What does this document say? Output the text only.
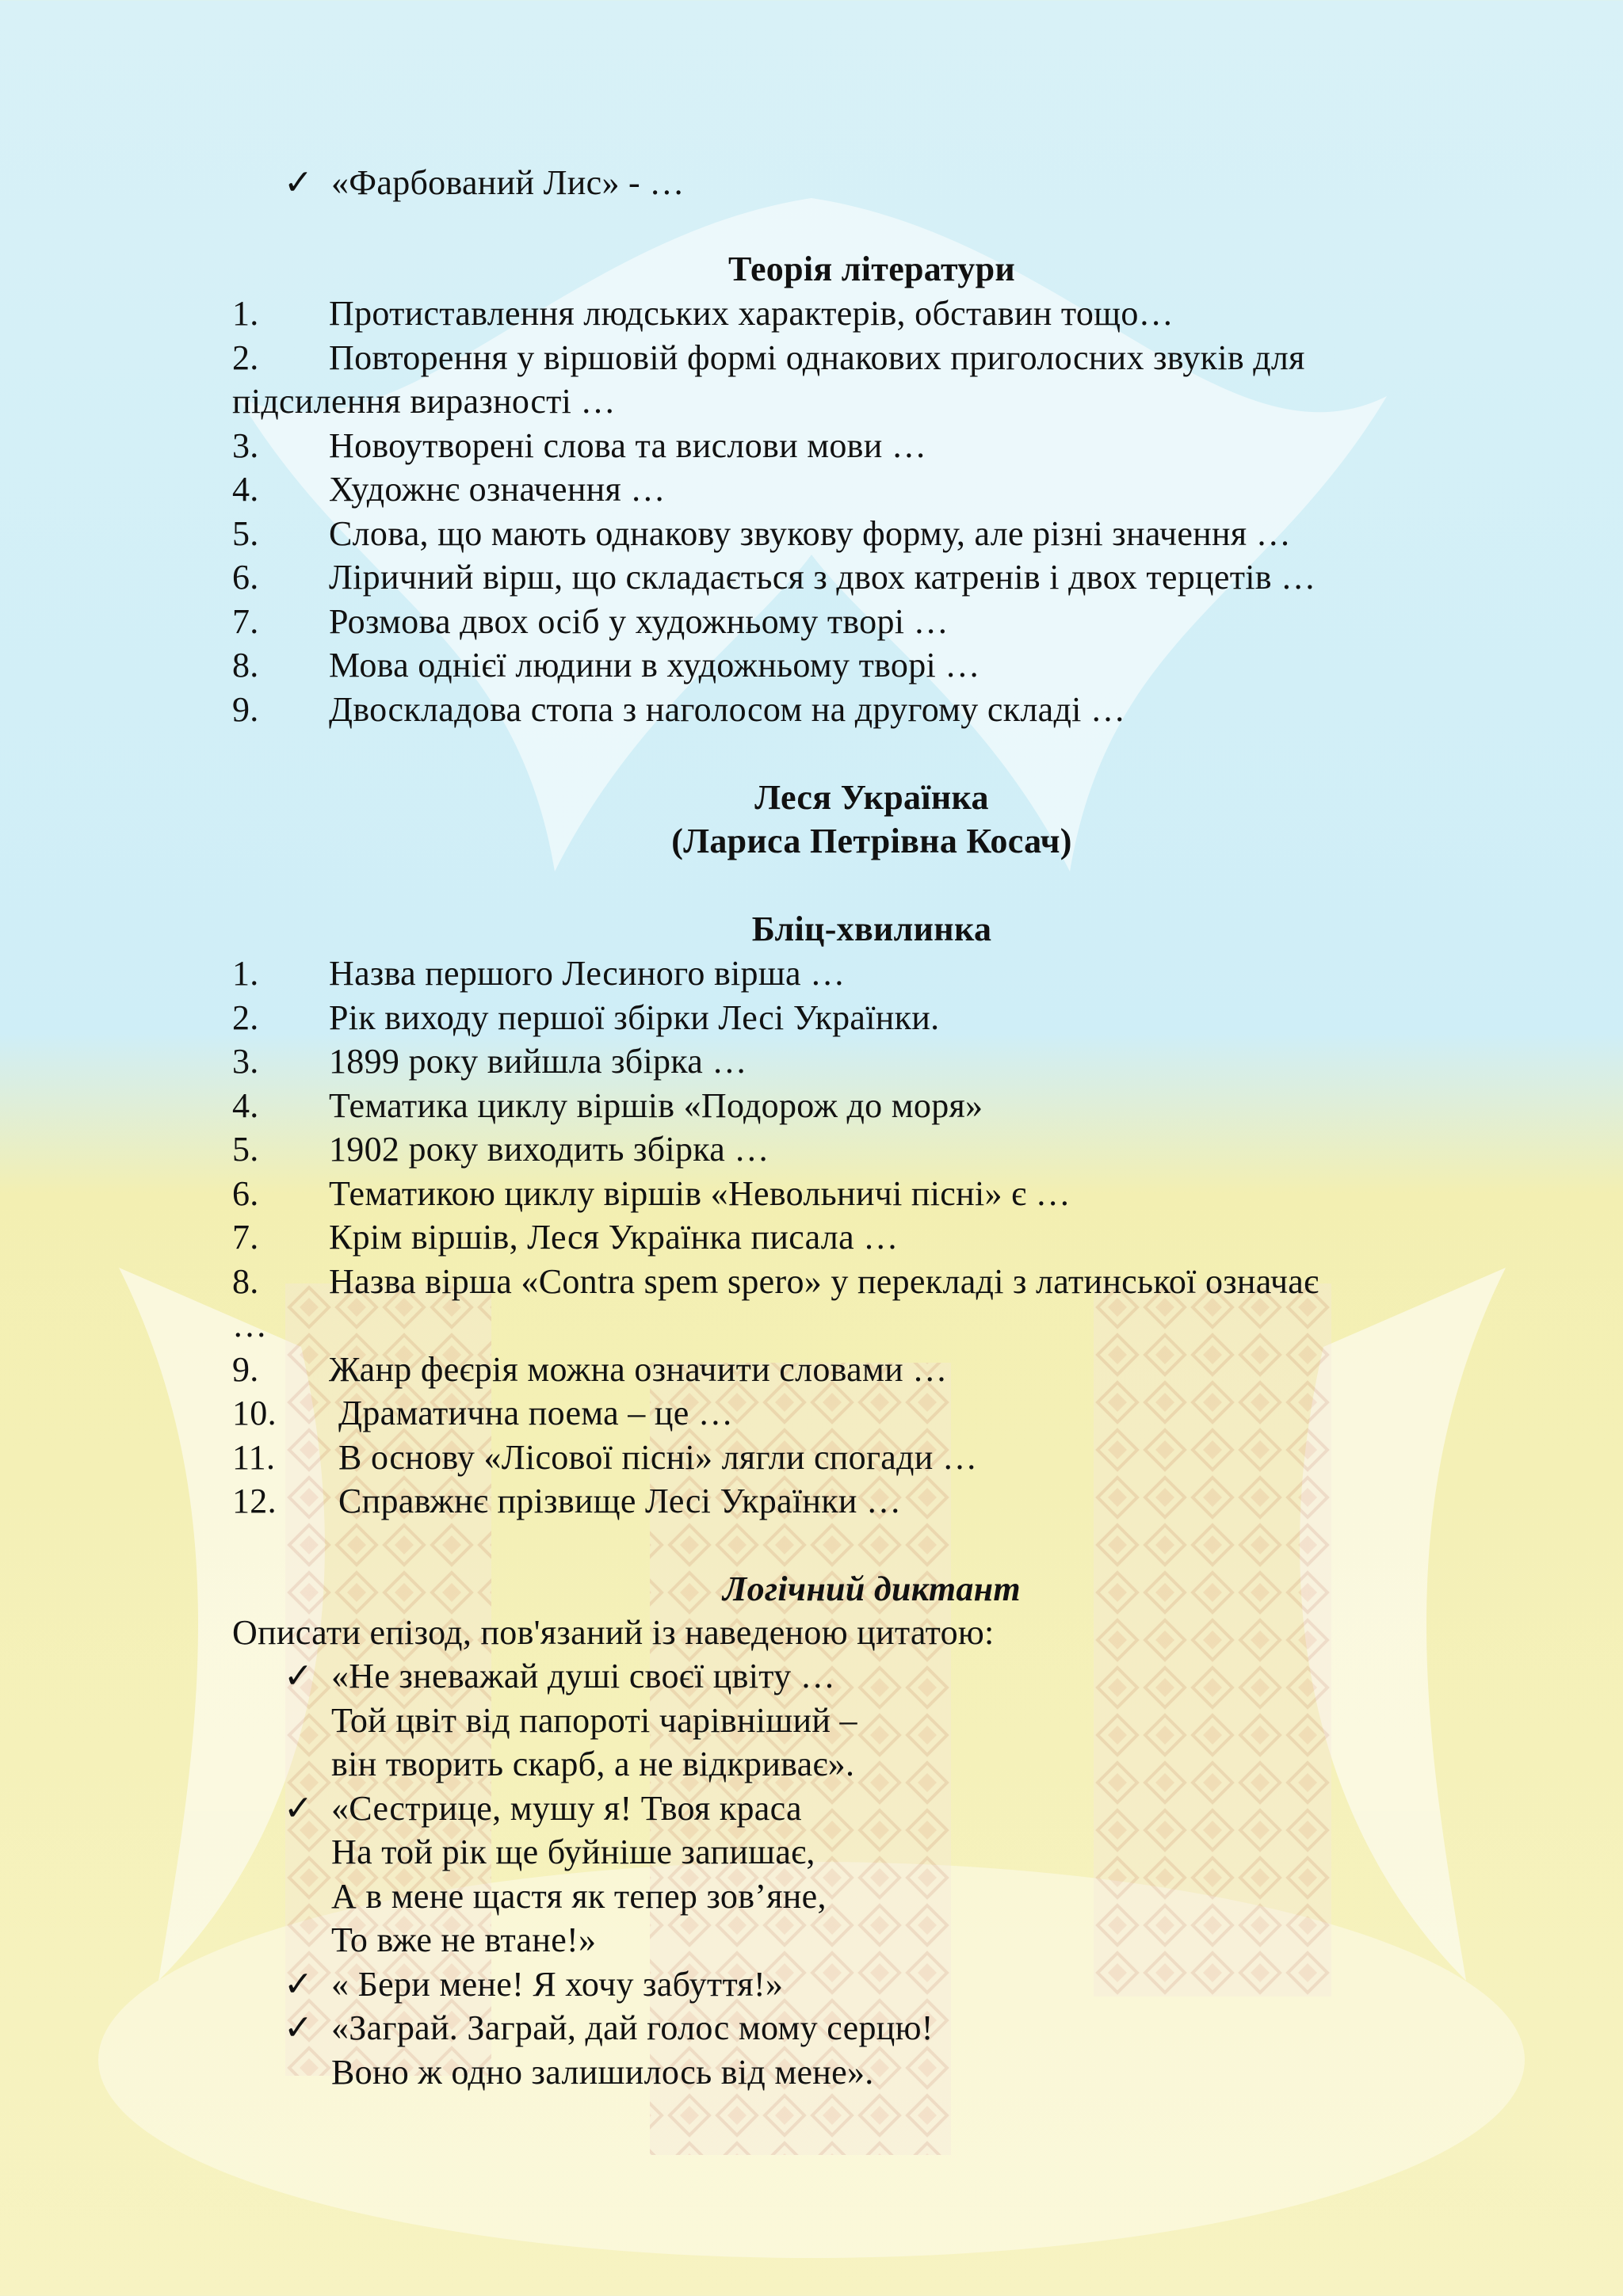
✓ «Фарбований Лис» - …
Теорія літератури
1. Протиставлення людських характерів, обставин тощо…
2. Повторення у віршовій формі однакових приголосних звуків для
підсилення виразності …
3. Новоутворені слова та вислови мови …
4. Художнє означення …
5. Слова, що мають однакову звукову форму, але різні значення …
6. Ліричний вірш, що складається з двох катренів і двох терцетів …
7. Розмова двох осіб у художньому творі …
8. Мова однієї людини в художньому творі …
9. Двоскладова стопа з наголосом на другому складі …
Леся Українка
(Лариса Петрівна Косач)
Бліц-хвилинка
1. Назва першого Лесиного вірша …
2. Рік виходу першої збірки Лесі Українки.
3. 1899 року вийшла збірка …
4. Тематика циклу віршів «Подорож до моря»
5. 1902 року виходить збірка …
6. Тематикою циклу віршів «Невольничі пісні» є …
7. Крім віршів, Леся Українка писала …
8. Назва вірша «Contra spem spero» у перекладі з латинської означає
…
9. Жанр феєрія можна означити словами …
10. Драматична поема – це …
11. В основу «Лісової пісні» лягли спогади …
12. Справжнє прізвище Лесі Українки …
Логічний диктант
Описати епізод, пов'язаний із наведеною цитатою:
✓ «Не зневажай душі своєї цвіту …
Той цвіт від папороті чарівніший –
він творить скарб, а не відкриває».
✓ «Сестрице, мушу я! Твоя краса
На той рік ще буйніше запишає,
А в мене щастя як тепер зов’яне,
То вже не втане!»
✓ « Бери мене! Я хочу забуття!»
✓ «Заграй. Заграй, дай голос мому серцю!
Воно ж одно залишилось від мене».
